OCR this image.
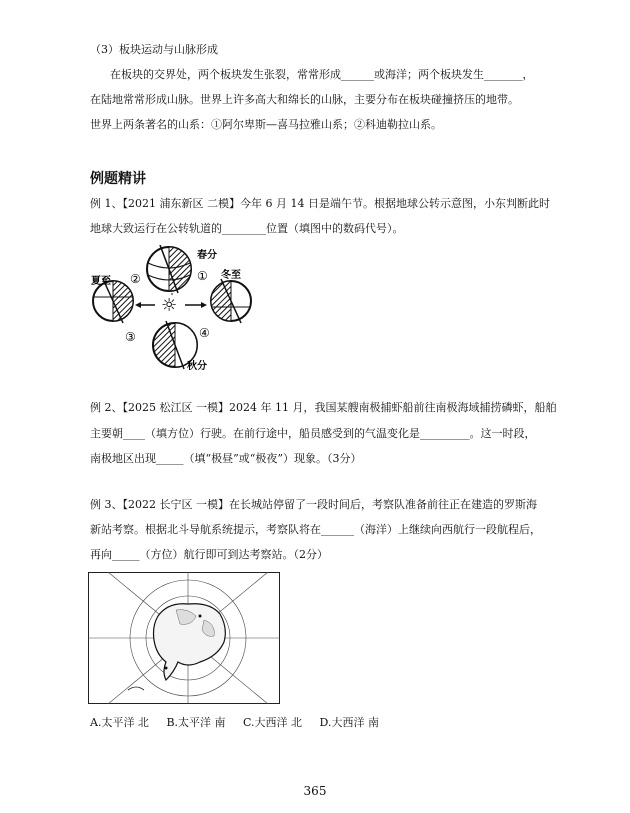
（3）板块运动与山脉形成
在板块的交界处，两个板块发生张裂，常常形成______或海洋；两个板块发生_______，
在陆地常常形成山脉。世界上许多高大和绵长的山脉，主要分布在板块碰撞挤压的地带。
世界上两条著名的山系：①阿尔卑斯—喜马拉雅山系；②科迪勒拉山系。
例题精讲
例 1、【2021 浦东新区 二模】今年 6 月 14 日是端午节。根据地球公转示意图，小东判断此时
地球大致运行在公转轨道的________位置（填图中的数码代号）。
春分
①
夏至 ②
③
☼
冬至
④
秋分
例 2、【2025 松江区 一模】2024 年 11 月，我国某艘南极捕虾船前往南极海域捕捞磷虾，船舶
主要朝____（填方位）行驶。在前行途中，船员感受到的气温变化是_________。这一时段，
南极地区出现_____（填“极昼”或“极夜”）现象。（3分）
例 3、【2022 长宁区 一模】在长城站停留了一段时间后，考察队准备前往正在建造的罗斯海
新站考察。根据北斗导航系统提示，考察队将在______（海洋）上继续向西航行一段航程后，
再向_____（方位）航行即可到达考察站。（2分）
A.太平洋 北 B.太平洋 南 C.大西洋 北 D.大西洋 南
365
